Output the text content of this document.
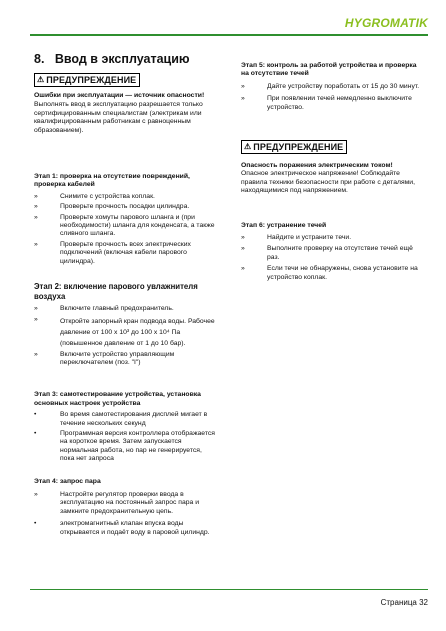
HYGROMATIK
8. Ввод в эксплуатацию
⚠ ПРЕДУПРЕЖДЕНИЕ
Ошибки при эксплуатации — источник опасности!
Выполнять ввод в эксплуатацию разрешается только сертифицированным специалистам (электрикам или квалифицированным работникам с равноценным образованием).
Этап 1: проверка на отсутствие повреждений, проверка кабелей
»	Снимите с устройства коплак.
»	Проверьте прочность посадки цилиндра.
»	Проверьте хомуты парового шланга и (при необходимости) шланга для конденсата, а также сливного шланга.
»	Проверьте прочность всех электрических подключений (включая кабели парового цилиндра).
Этап 2: включение парового увлажнителя воздуха
»	Включите главный предохранитель.
»	Откройте запорный кран подвода воды. Рабочее давление от 100 x 10³ до 100 x 10⁴ Па (повышенное давление от 1 до 10 бар).
»	Включите устройство управляющим переключателем (поз. "I")
Этап 3: самотестирование устройства, установка основных настроек устройства
•	Во время самотестирования дисплей мигает в течение нескольких секунд
•	Программная версия контроллера отображается на короткое время. Затем запускается нормальная работа, но пар не генерируется, пока нет запроса
Этап 4: запрос пара
»	Настройте регулятор проверки ввода в эксплуатацию на постоянный запрос пара и замкните предохранительную цепь.
•	электромагнитный клапан впуска воды открывается и подаёт воду в паровой цилиндр.
Этап 5: контроль за работой устройства и проверка на отсутствие течей
»	Дайте устройству поработать от 15 до 30 минут.
»	При появлении течей немедленно выключите устройство.
⚠ ПРЕДУПРЕЖДЕНИЕ
Опасность поражения электрическим током!
Опасное электрическое напряжение! Соблюдайте правила техники безопасности при работе с деталями, находящимися под напряжением.
Этап 6: устранение течей
»	Найдите и устраните течи.
»	Выполните проверку на отсутствие течей ещё раз.
»	Если течи не обнаружены, снова установите на устройство коплак.
Страница 32
